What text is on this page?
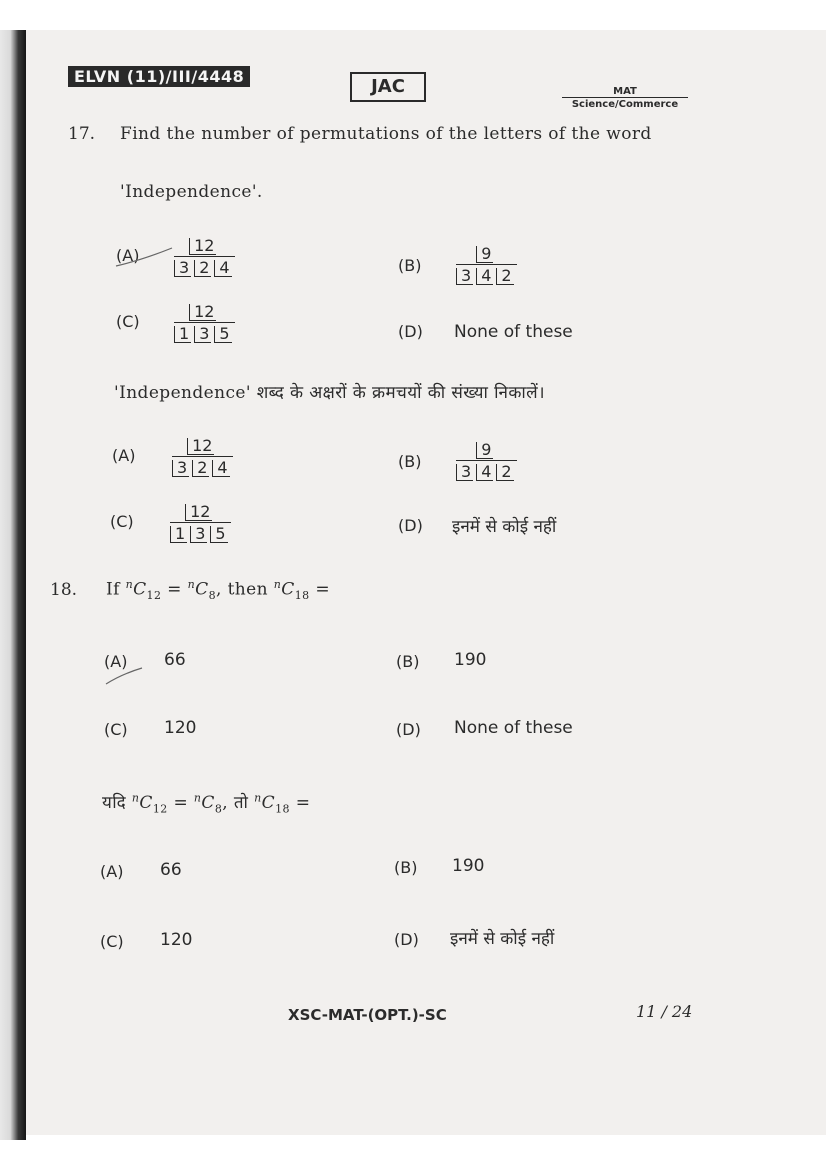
ELVN (11)/III/4448	JAC	MAT
Science/Commerce
17. Find the number of permutations of the letters of the word
'Independence'.
(A)
12
3 2 4	(B)
9
3 4 2
(C)
12
1 3 5	(D) None of these
'Independence' शब्द के अक्षरों के क्रमचयों की संख्या निकालें।
(A)
12
3 2 4	(B)
9
3 4 2
(C)
12
1 3 5	(D) इनमें से कोई नहीं
18. If $^nC_{12} = ^nC_8$, then $^nC_{18}$ =
(A) 66	(B) 190
(C) 120	(D) None of these
यदि $^nC_{12} = ^nC_8$, तो $^nC_{18}$ =
(A) 66	(B) 190
(C) 120	(D) इनमें से कोई नहीं
XSC-MAT-(OPT.)-SC	11 / 24
